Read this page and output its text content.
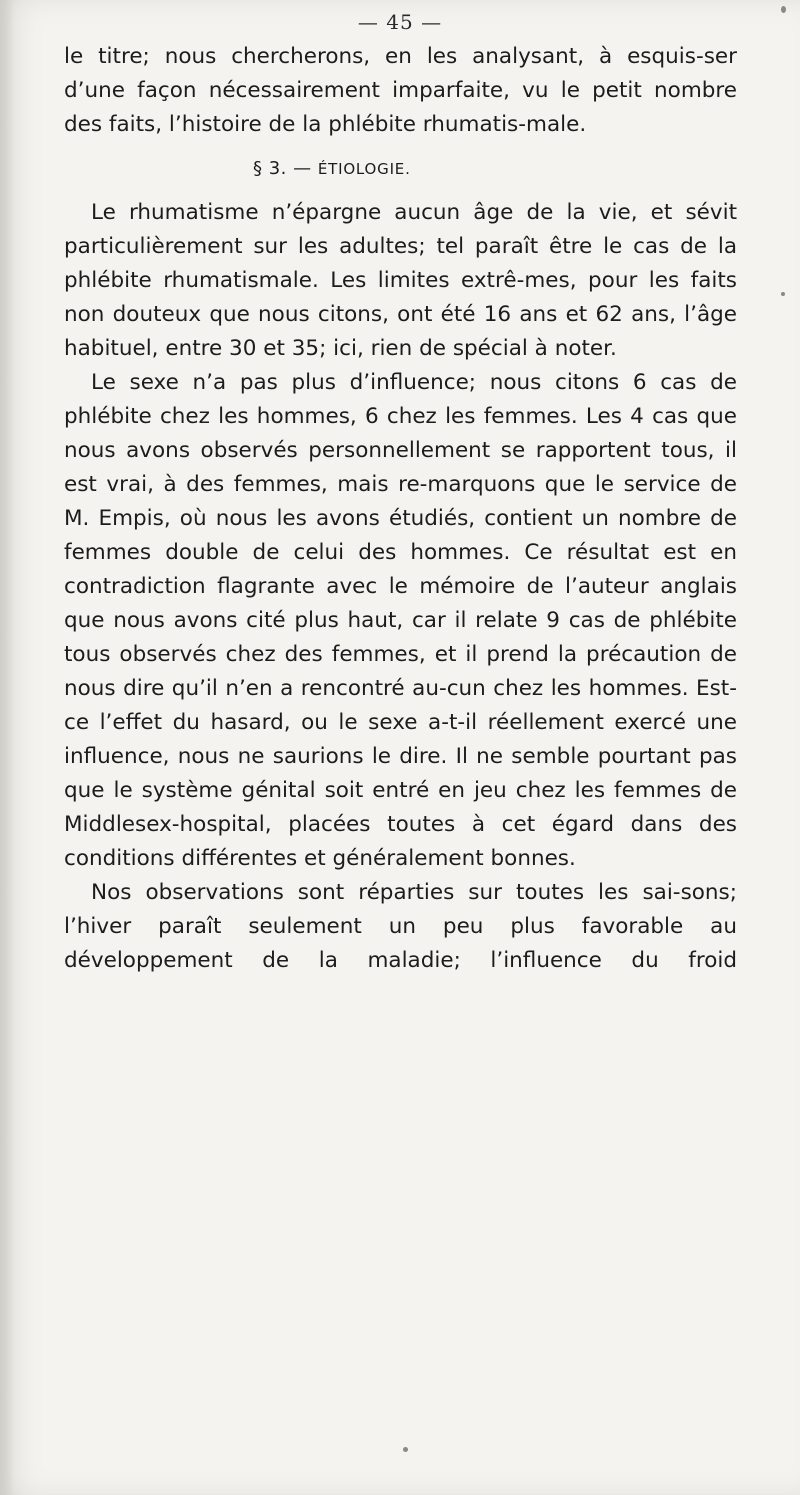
— 45 —

le titre; nous chercherons, en les analysant, à esquis-ser d’une façon nécessairement imparfaite, vu le petit nombre des faits, l’histoire de la phlébite rhumatis-male.

§ 3. — ÉTIOLOGIE.

Le rhumatisme n’épargne aucun âge de la vie, et sévit particulièrement sur les adultes; tel paraît être le cas de la phlébite rhumatismale. Les limites extrê-mes, pour les faits non douteux que nous citons, ont été 16 ans et 62 ans, l’âge habituel, entre 30 et 35; ici, rien de spécial à noter.

Le sexe n’a pas plus d’influence; nous citons 6 cas de phlébite chez les hommes, 6 chez les femmes. Les 4 cas que nous avons observés personnellement se rapportent tous, il est vrai, à des femmes, mais re-marquons que le service de M. Empis, où nous les avons étudiés, contient un nombre de femmes double de celui des hommes. Ce résultat est en contradiction flagrante avec le mémoire de l’auteur anglais que nous avons cité plus haut, car il relate 9 cas de phlébite tous observés chez des femmes, et il prend la précaution de nous dire qu’il n’en a rencontré au-cun chez les hommes. Est-ce l’effet du hasard, ou le sexe a-t-il réellement exercé une influence, nous ne saurions le dire. Il ne semble pourtant pas que le système génital soit entré en jeu chez les femmes de Middlesex-hospital, placées toutes à cet égard dans des conditions différentes et généralement bonnes.

Nos observations sont réparties sur toutes les sai-sons; l’hiver paraît seulement un peu plus favorable au développement de la maladie; l’influence du froid
